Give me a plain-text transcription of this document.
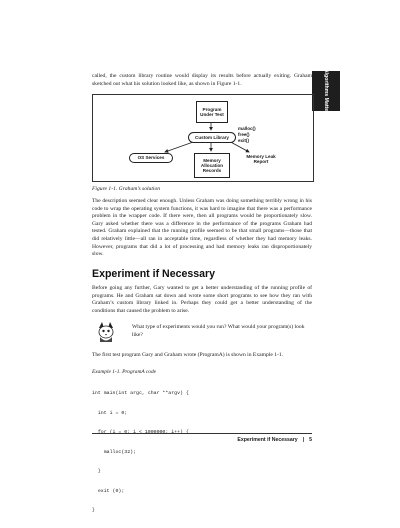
Algorithms Matter

called, the custom library routine would display its results before actually exiting. Graham sketched out what his solution looked like, as shown in Figure 1-1.

Program Under Test
Custom Library
malloc()
free()
exit()
OS Services	Memory Allocation Records
Memory Leak Report

Figure 1-1. Graham’s solution

The description seemed clear enough. Unless Graham was doing something terribly wrong in his code to wrap the operating system functions, it was hard to imagine that there was a performance problem in the wrapper code. If there were, then all programs would be proportionately slow. Gary asked whether there was a difference in the performance of the programs Graham had tested. Graham explained that the running profile seemed to be that small programs—those that did relatively little—all ran in acceptable time, regardless of whether they had memory leaks. However, programs that did a lot of processing and had memory leaks ran disproportionately slow.

Experiment if Necessary

Before going any further, Gary wanted to get a better understanding of the running profile of programs. He and Graham sat down and wrote some short programs to see how they ran with Graham’s custom library linked in. Perhaps they could get a better understanding of the conditions that caused the problem to arise.

What type of experiments would you run? What would your program(s) look like?

The first test program Gary and Graham wrote (ProgramA) is shown in Example 1-1.

Example 1-1. ProgramA code

int main(int argc, char **argv) {

int i = 0;

for (i = 0; i < 1000000; i++) {

malloc(32);

}

exit (0);

}

Experiment if Necessary | 5
